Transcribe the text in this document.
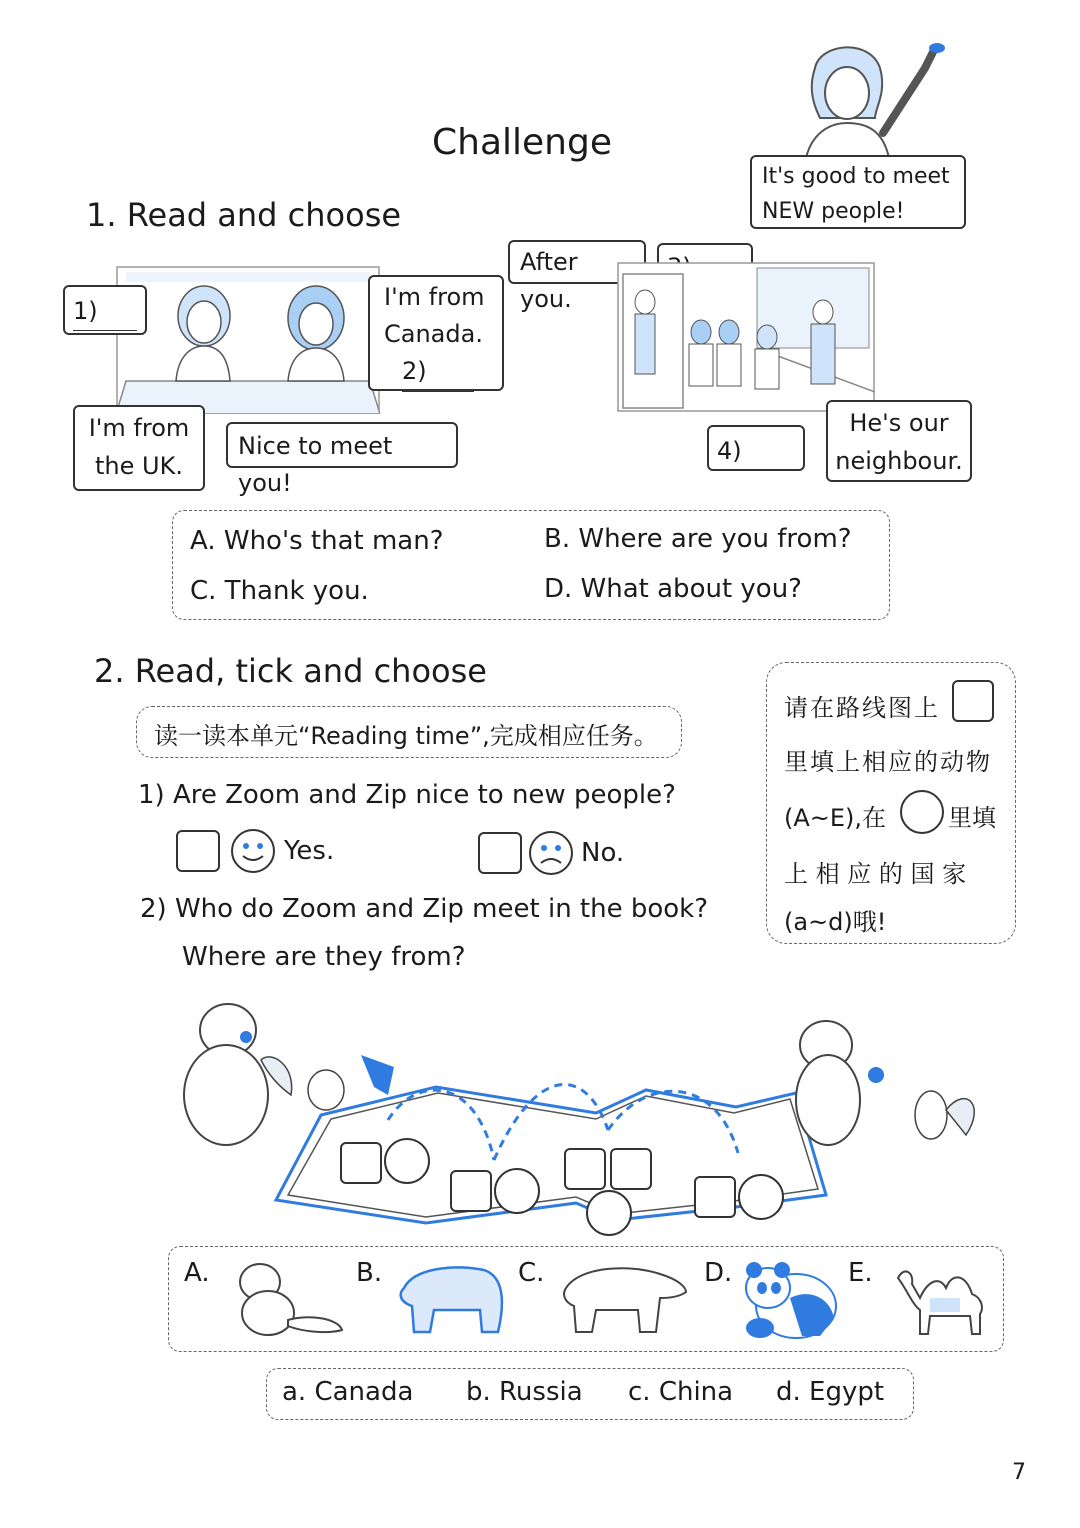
Challenge
It's good to meet
NEW people!
1. Read and choose
1)	I'm from
Canada.
2)
I'm from
the UK.
Nice to meet you!
After you.
4)
He's our
neighbour.
A. Who's that man?	B. Where are you from?
C. Thank you.	D. What about you?
2. Read, tick and choose
读一读本单元“Reading time”,完成相应任务。
请在路线图上
里填上相应的动物
(A~E),在	里填
上 相 应 的 国 家
(a~d)哦!
1) Are Zoom and Zip nice to new people?
Yes.	No.
2) Who do Zoom and Zip meet in the book?
Where are they from?
A.	B.	C.	D.	E.
a. Canada b. Russia c. China d. Egypt
7
